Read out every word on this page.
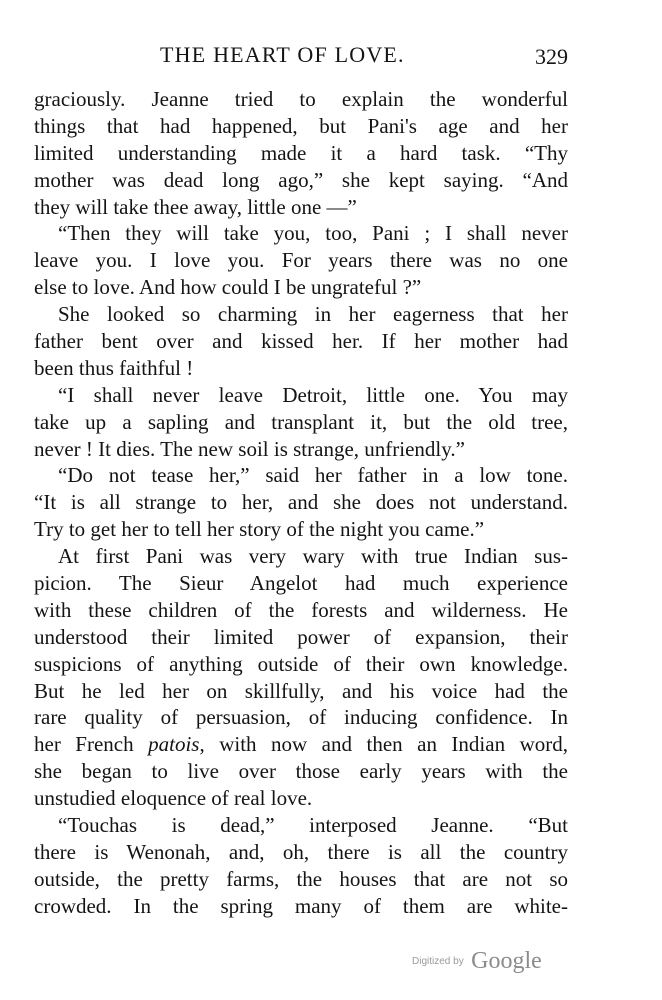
THE HEART OF LOVE.	329
graciously. Jeanne tried to explain the wonderful
things that had happened, but Pani's age and her
limited understanding made it a hard task. “Thy
mother was dead long ago,” she kept saying. “And
they will take thee away, little one —”
“Then they will take you, too, Pani ; I shall never
leave you. I love you. For years there was no one
else to love. And how could I be ungrateful ?”
She looked so charming in her eagerness that her
father bent over and kissed her. If her mother had
been thus faithful !
“I shall never leave Detroit, little one. You may
take up a sapling and transplant it, but the old tree,
never ! It dies. The new soil is strange, unfriendly.”
“Do not tease her,” said her father in a low tone.
“It is all strange to her, and she does not understand.
Try to get her to tell her story of the night you came.”
At first Pani was very wary with true Indian sus-
picion. The Sieur Angelot had much experience
with these children of the forests and wilderness. He
understood their limited power of expansion, their
suspicions of anything outside of their own knowledge.
But he led her on skillfully, and his voice had the
rare quality of persuasion, of inducing confidence. In
her French patois, with now and then an Indian word,
she began to live over those early years with the
unstudied eloquence of real love.
“Touchas is dead,” interposed Jeanne. “But
there is Wenonah, and, oh, there is all the country
outside, the pretty farms, the houses that are not so
crowded. In the spring many of them are white-
Digitized by Google
